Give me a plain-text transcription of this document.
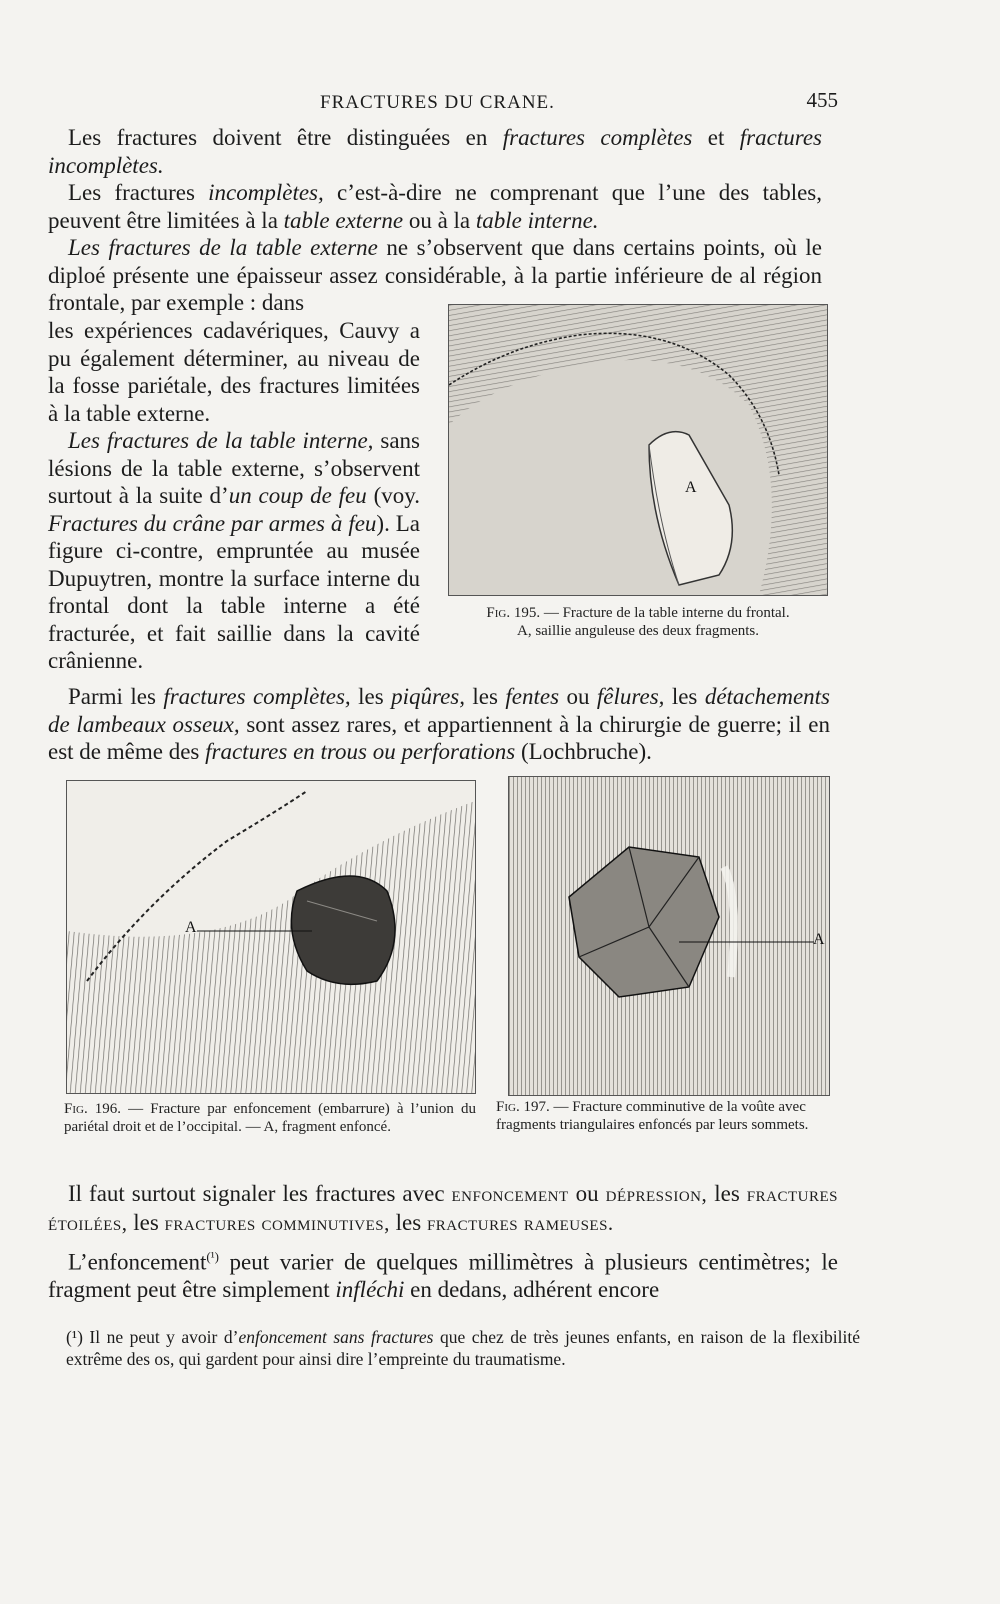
FRACTURES DU CRANE.	455

Les fractures doivent être distinguées en fractures complètes et fractures incomplètes.

Les fractures incomplètes, c’est-à-dire ne comprenant que l’une des tables, peuvent être limitées à la table externe ou à la table interne.

Les fractures de la table externe ne s’observent que dans certains points, où le diploé présente une épaisseur assez considérable, à la partie inférieure de al région frontale, par exemple : dans

les expériences cadavériques, Cauvy a pu également déterminer, au niveau de la fosse pariétale, des fractures limitées à la table externe.

Les fractures de la table interne, sans lésions de la table externe, s’observent surtout à la suite d’un coup de feu (voy. Fractures du crâne par armes à feu). La figure ci-contre, empruntée au musée Dupuytren, montre la surface interne du frontal dont la table interne a été fracturée, et fait saillie dans la cavité crânienne.

A
Fig. 195. — Fracture de la table interne du frontal.
A, saillie anguleuse des deux fragments.

Parmi les fractures complètes, les piqûres, les fentes ou fêlures, les détachements de lambeaux osseux, sont assez rares, et appartiennent à la chirurgie de guerre; il en est de même des fractures en trous ou perforations (Lochbruche).

A
Fig. 196. — Fracture par enfoncement (embarrure) à l’union du pariétal droit et de l’occipital. — A, fragment enfoncé.
A
Fig. 197. — Fracture comminutive de la voûte avec fragments triangulaires enfoncés par leurs sommets.

Il faut surtout signaler les fractures avec enfoncement ou dépression, les fractures étoilées, les fractures comminutives, les fractures rameuses.

L’enfoncement$^{(^1)}$ peut varier de quelques millimètres à plusieurs centimètres; le fragment peut être simplement infléchi en dedans, adhérent encore

(¹) Il ne peut y avoir d’enfoncement sans fractures que chez de très jeunes enfants, en raison de la flexibilité extrême des os, qui gardent pour ainsi dire l’empreinte du traumatisme.
